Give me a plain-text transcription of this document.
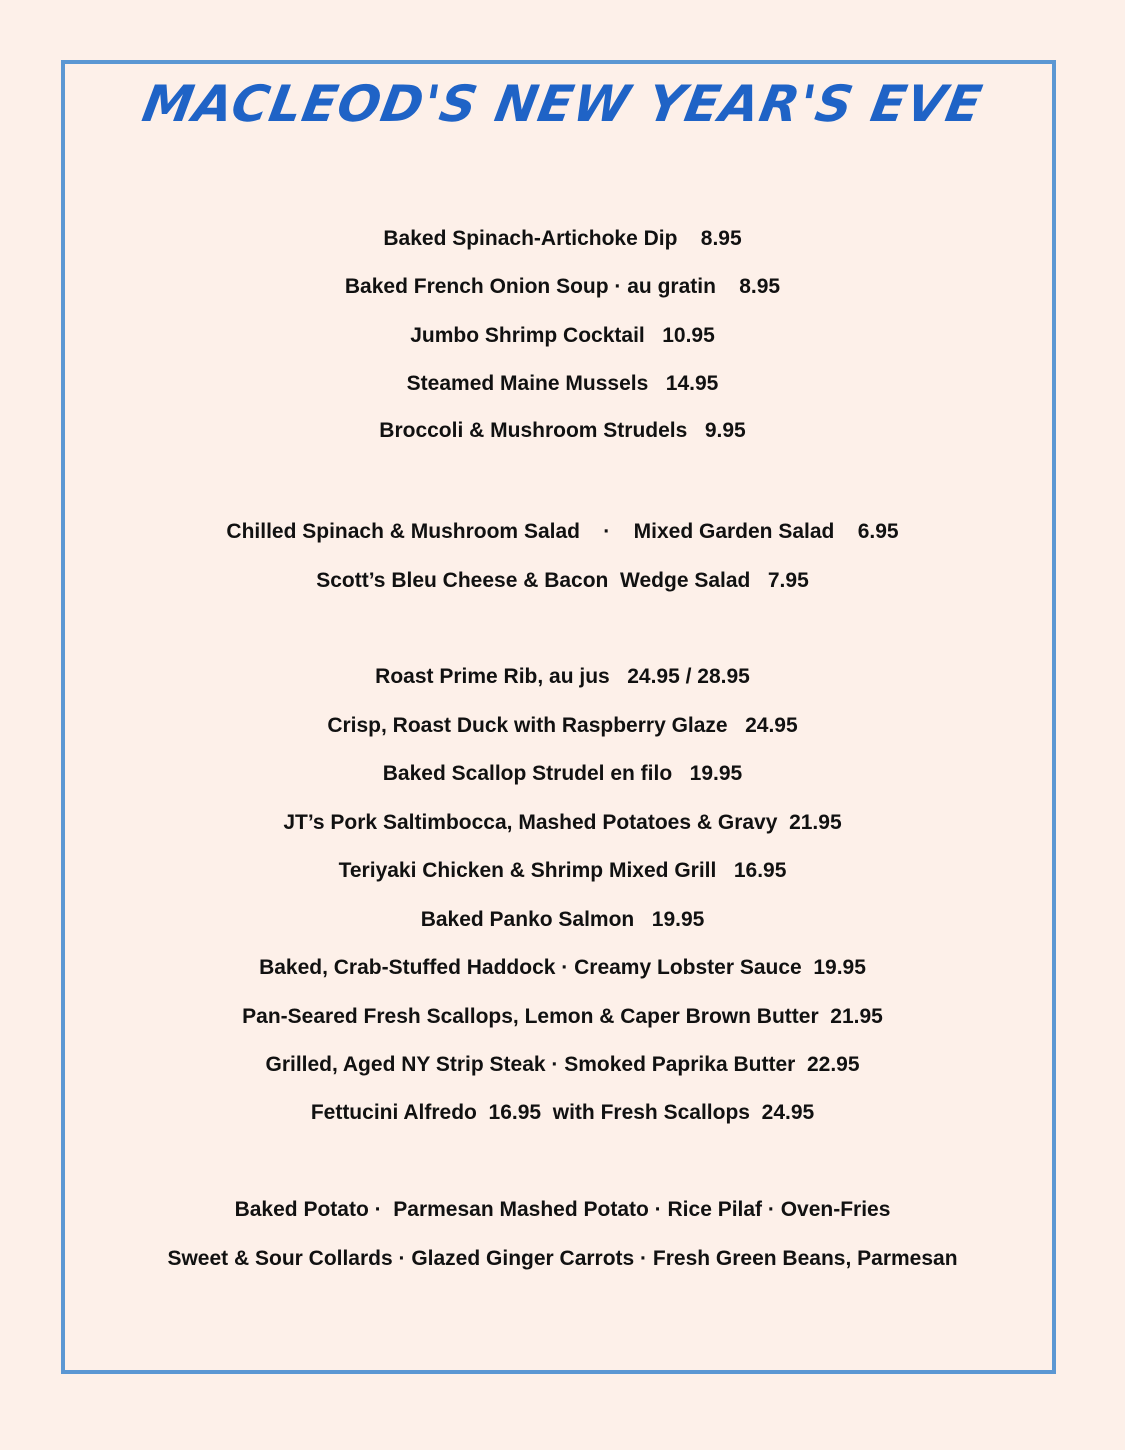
MACLEOD'S NEW YEAR'S EVE
Baked Spinach-Artichoke Dip    8.95
Baked French Onion Soup · au gratin    8.95
Jumbo Shrimp Cocktail   10.95
Steamed Maine Mussels   14.95
Broccoli & Mushroom Strudels   9.95
Chilled Spinach & Mushroom Salad    ·    Mixed Garden Salad    6.95
Scott’s Bleu Cheese & Bacon  Wedge Salad   7.95
Roast Prime Rib, au jus   24.95 / 28.95
Crisp, Roast Duck with Raspberry Glaze   24.95
Baked Scallop Strudel en filo   19.95
JT’s Pork Saltimbocca, Mashed Potatoes & Gravy  21.95
Teriyaki Chicken & Shrimp Mixed Grill   16.95
Baked Panko Salmon   19.95
Baked, Crab-Stuffed Haddock · Creamy Lobster Sauce  19.95
Pan-Seared Fresh Scallops, Lemon & Caper Brown Butter  21.95
Grilled, Aged NY Strip Steak · Smoked Paprika Butter  22.95
Fettucini Alfredo  16.95  with Fresh Scallops  24.95
Baked Potato ·  Parmesan Mashed Potato · Rice Pilaf · Oven-Fries
Sweet & Sour Collards · Glazed Ginger Carrots · Fresh Green Beans, Parmesan
